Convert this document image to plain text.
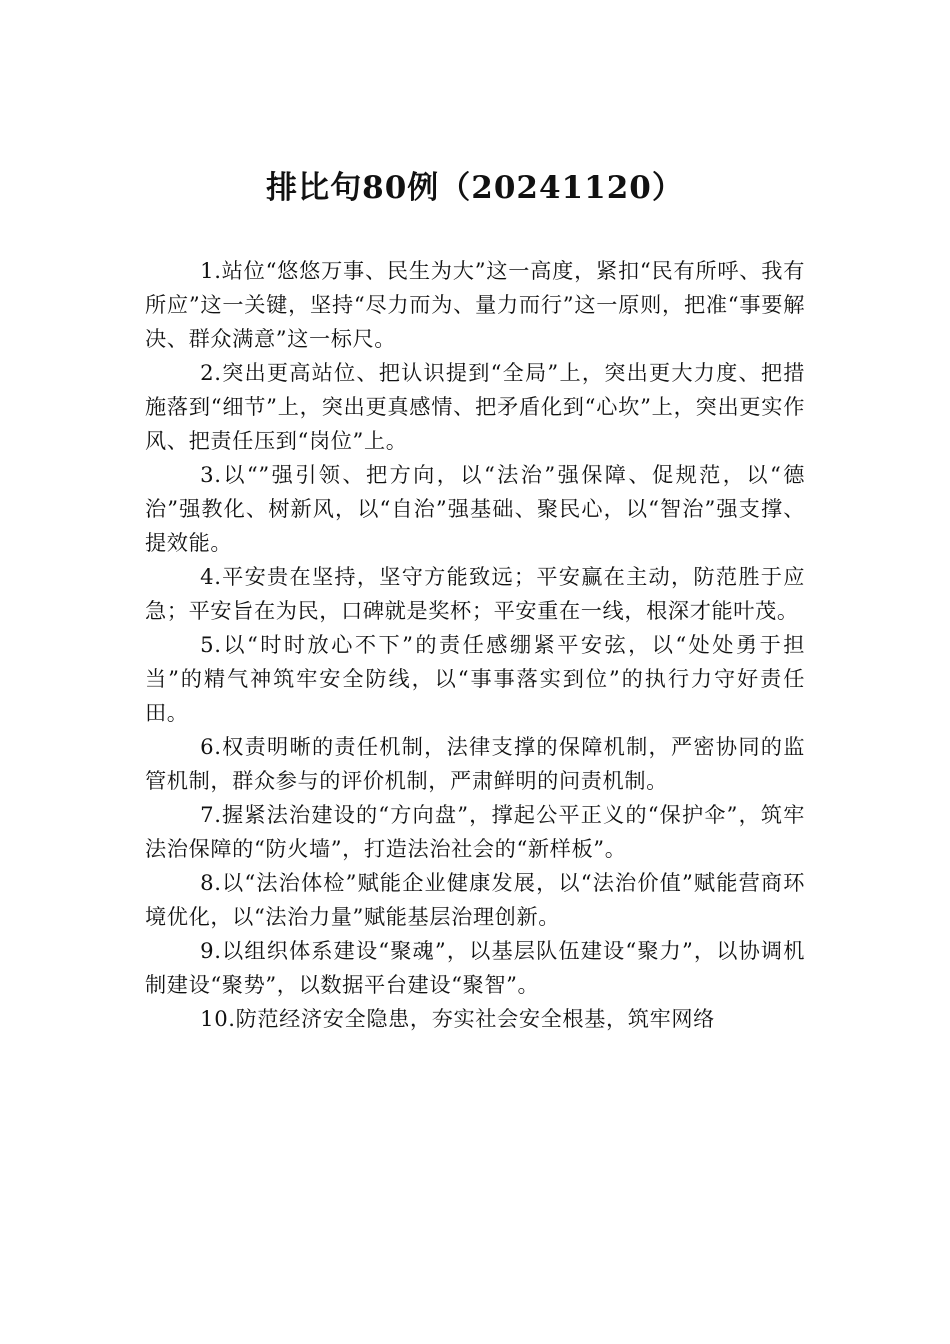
排比句80例（20241120）

1.站位“悠悠万事、民生为大”这一高度，紧扣“民有所呼、我有所应”这一关键，坚持“尽力而为、量力而行”这一原则，把准“事要解决、群众满意”这一标尺。

2.突出更高站位、把认识提到“全局”上，突出更大力度、把措施落到“细节”上，突出更真感情、把矛盾化到“心坎”上，突出更实作风、把责任压到“岗位”上。

3.以“”强引领、把方向，以“法治”强保障、促规范，以“德治”强教化、树新风，以“自治”强基础、聚民心，以“智治”强支撑、提效能。

4.平安贵在坚持，坚守方能致远；平安赢在主动，防范胜于应急；平安旨在为民，口碑就是奖杯；平安重在一线，根深才能叶茂。

5.以“时时放心不下”的责任感绷紧平安弦，以“处处勇于担当”的精气神筑牢安全防线，以“事事落实到位”的执行力守好责任田。

6.权责明晰的责任机制，法律支撑的保障机制，严密协同的监管机制，群众参与的评价机制，严肃鲜明的问责机制。

7.握紧法治建设的“方向盘”，撑起公平正义的“保护伞”，筑牢法治保障的“防火墙”，打造法治社会的“新样板”。

8.以“法治体检”赋能企业健康发展，以“法治价值”赋能营商环境优化，以“法治力量”赋能基层治理创新。

9.以组织体系建设“聚魂”，以基层队伍建设“聚力”，以协调机制建设“聚势”，以数据平台建设“聚智”。

10.防范经济安全隐患，夯实社会安全根基，筑牢网络
